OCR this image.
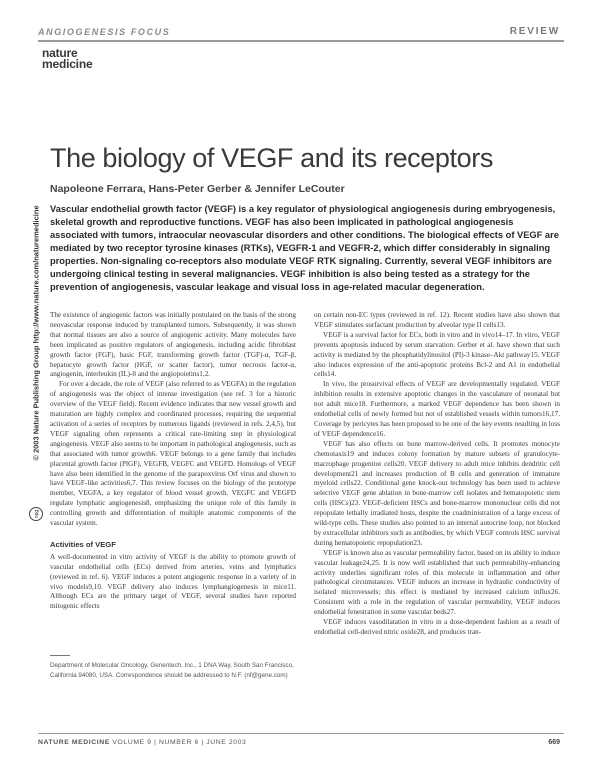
ANGIOGENESIS FOCUS	REVIEW
nature
medicine
© 2003 Nature Publishing Group http://www.nature.com/naturemedicine
npg
The biology of VEGF and its receptors
Napoleone Ferrara, Hans-Peter Gerber & Jennifer LeCouter
Vascular endothelial growth factor (VEGF) is a key regulator of physiological angiogenesis during embryogenesis, skeletal growth and reproductive functions. VEGF has also been implicated in pathological angiogenesis associated with tumors, intraocular neovascular disorders and other conditions. The biological effects of VEGF are mediated by two receptor tyrosine kinases (RTKs), VEGFR-1 and VEGFR-2, which differ considerably in signaling properties. Non-signaling co-receptors also modulate VEGF RTK signaling. Currently, several VEGF inhibitors are undergoing clinical testing in several malignancies. VEGF inhibition is also being tested as a strategy for the prevention of angiogenesis, vascular leakage and visual loss in age-related macular degeneration.

The existence of angiogenic factors was initially postulated on the basis of the strong neovascular response induced by transplanted tumors. Subsequently, it was shown that normal tissues are also a source of angiogenic activity. Many molecules have been implicated as positive regulators of angiogenesis, including acidic fibroblast growth factor (FGF), basic FGF, transforming growth factor (TGF)-α, TGF-β, hepatocyte growth factor (HGF, or scatter factor), tumor necrosis factor-α, angiogenin, interleukin (IL)-8 and the angiopoietins1,2.

For over a decade, the role of VEGF (also referred to as VEGFA) in the regulation of angiogenesis was the object of intense investigation (see ref. 3 for a historic overview of the VEGF field). Recent evidence indicates that new vessel growth and maturation are highly complex and coordinated processes, requiring the sequential activation of a series of receptors by numerous ligands (reviewed in refs. 2,4,5), but VEGF signaling often represents a critical rate-limiting step in physiological angiogenesis. VEGF also seems to be important in pathological angiogenesis, such as that associated with tumor growth6. VEGF belongs to a gene family that includes placental growth factor (PlGF), VEGFB, VEGFC and VEGFD. Homologs of VEGF have also been identified in the genome of the parapoxvirus Orf virus and shown to have VEGF-like activities6,7. This review focuses on the biology of the prototype member, VEGFA, a key regulator of blood vessel growth. VEGFC and VEGFD regulate lymphatic angiogenesis8, emphasizing the unique role of this family in controlling growth and differentiation of multiple anatomic components of the vascular system.

Activities of VEGF

A well-documented in vitro activity of VEGF is the ability to promote growth of vascular endothelial cells (ECs) derived from arteries, veins and lymphatics (reviewed in ref. 6). VEGF induces a potent angiogenic response in a variety of in vivo models9,10. VEGF delivery also induces lymphangiogenesis in mice11. Although ECs are the primary target of VEGF, several studies have reported mitogenic effects

on certain non-EC types (reviewed in ref. 12). Recent studies have also shown that VEGF stimulates surfactant production by alveolar type II cells13.

VEGF is a survival factor for ECs, both in vitro and in vivo14–17. In vitro, VEGF prevents apoptosis induced by serum starvation. Gerber et al. have shown that such activity is mediated by the phosphatidylinositol (PI)-3 kinase–Akt pathway15. VEGF also induces expression of the anti-apoptotic proteins Bcl-2 and A1 in endothelial cells14.

In vivo, the prosurvival effects of VEGF are developmentally regulated. VEGF inhibition results in extensive apoptotic changes in the vasculature of neonatal but not adult mice18. Furthermore, a marked VEGF dependence has been shown in endothelial cells of newly formed but not of established vessels within tumors16,17. Coverage by pericytes has been proposed to be one of the key events resulting in loss of VEGF dependence16.

VEGF has also effects on bone marrow-derived cells. It promotes monocyte chemotaxis19 and induces colony formation by mature subsets of granulocyte-macrophage progenitor cells20. VEGF delivery to adult mice inhibits dendritic cell development21 and increases production of B cells and generation of immature myeloid cells22. Conditional gene knock-out technology has been used to achieve selective VEGF gene ablation in bone-marrow cell isolates and hematopoietic stem cells (HSCs)23. VEGF-deficient HSCs and bone-marrow mononuclear cells did not repopulate lethally irradiated hosts, despite the coadministration of a large excess of wild-type cells. These studies also pointed to an internal autocrine loop, not blocked by extracellular inhibitors such as antibodies, by which VEGF controls HSC survival during hematopoietic repopulation23.

VEGF is known also as vascular permeability factor, based on its ability to induce vascular leakage24,25. It is now well established that such permeability-enhancing activity underlies significant roles of this molecule in inflammation and other pathological circumstances. VEGF induces an increase in hydraulic conductivity of isolated microvessels; this effect is mediated by increased calcium influx26. Consistent with a role in the regulation of vascular permeability, VEGF induces endothelial fenestration in some vascular beds27.

VEGF induces vasodilatation in vitro in a dose-dependent fashion as a result of endothelial cell-derived nitric oxide28, and produces tran-

Department of Molecular Oncology, Genentech, Inc., 1 DNA Way, South San Francisco, California 94080, USA. Correspondence should be addressed to N.F. (nf@gene.com)
NATURE MEDICINE VOLUME 9 | NUMBER 6 | JUNE 2003	669
